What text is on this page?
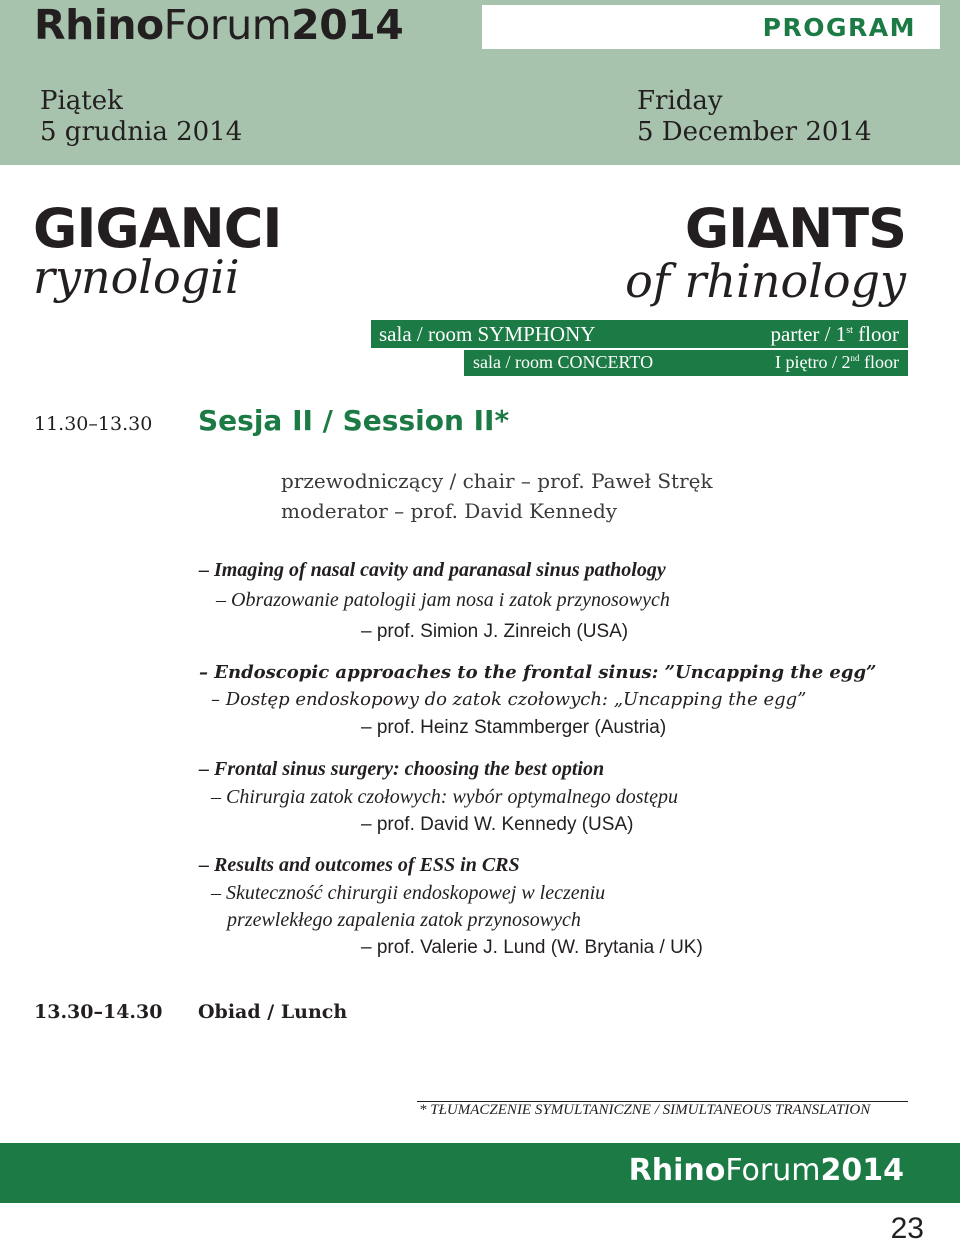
RhinoForum2014	PROGRAM
Piątek
5 grudnia 2014
Friday
5 December 2014
GIGANCI
rynologii
GIANTS
of rhinology
sala / room SYMPHONY	parter / 1st floor
sala / room CONCERTO	I piętro / 2nd floor
11.30–13.30 Sesja II / Session II*
przewodniczący / chair – prof. Paweł Stręk
moderator – prof. David Kennedy
– Imaging of nasal cavity and paranasal sinus pathology
– Obrazowanie patologii jam nosa i zatok przynosowych
– prof. Simion J. Zinreich (USA)
– Endoscopic approaches to the frontal sinus: ”Uncapping the egg”
– Dostęp endoskopowy do zatok czołowych: „Uncapping the egg”
– prof. Heinz Stammberger (Austria)
– Frontal sinus surgery: choosing the best option
– Chirurgia zatok czołowych: wybór optymalnego dostępu
– prof. David W. Kennedy (USA)
– Results and outcomes of ESS in CRS
– Skuteczność chirurgii endoskopowej w leczeniu
przewlekłego zapalenia zatok przynosowych
– prof. Valerie J. Lund (W. Brytania / UK)
13.30–14.30 Obiad / Lunch
* TŁUMACZENIE SYMULTANICZNE / SIMULTANEOUS TRANSLATION
RhinoForum2014
23
